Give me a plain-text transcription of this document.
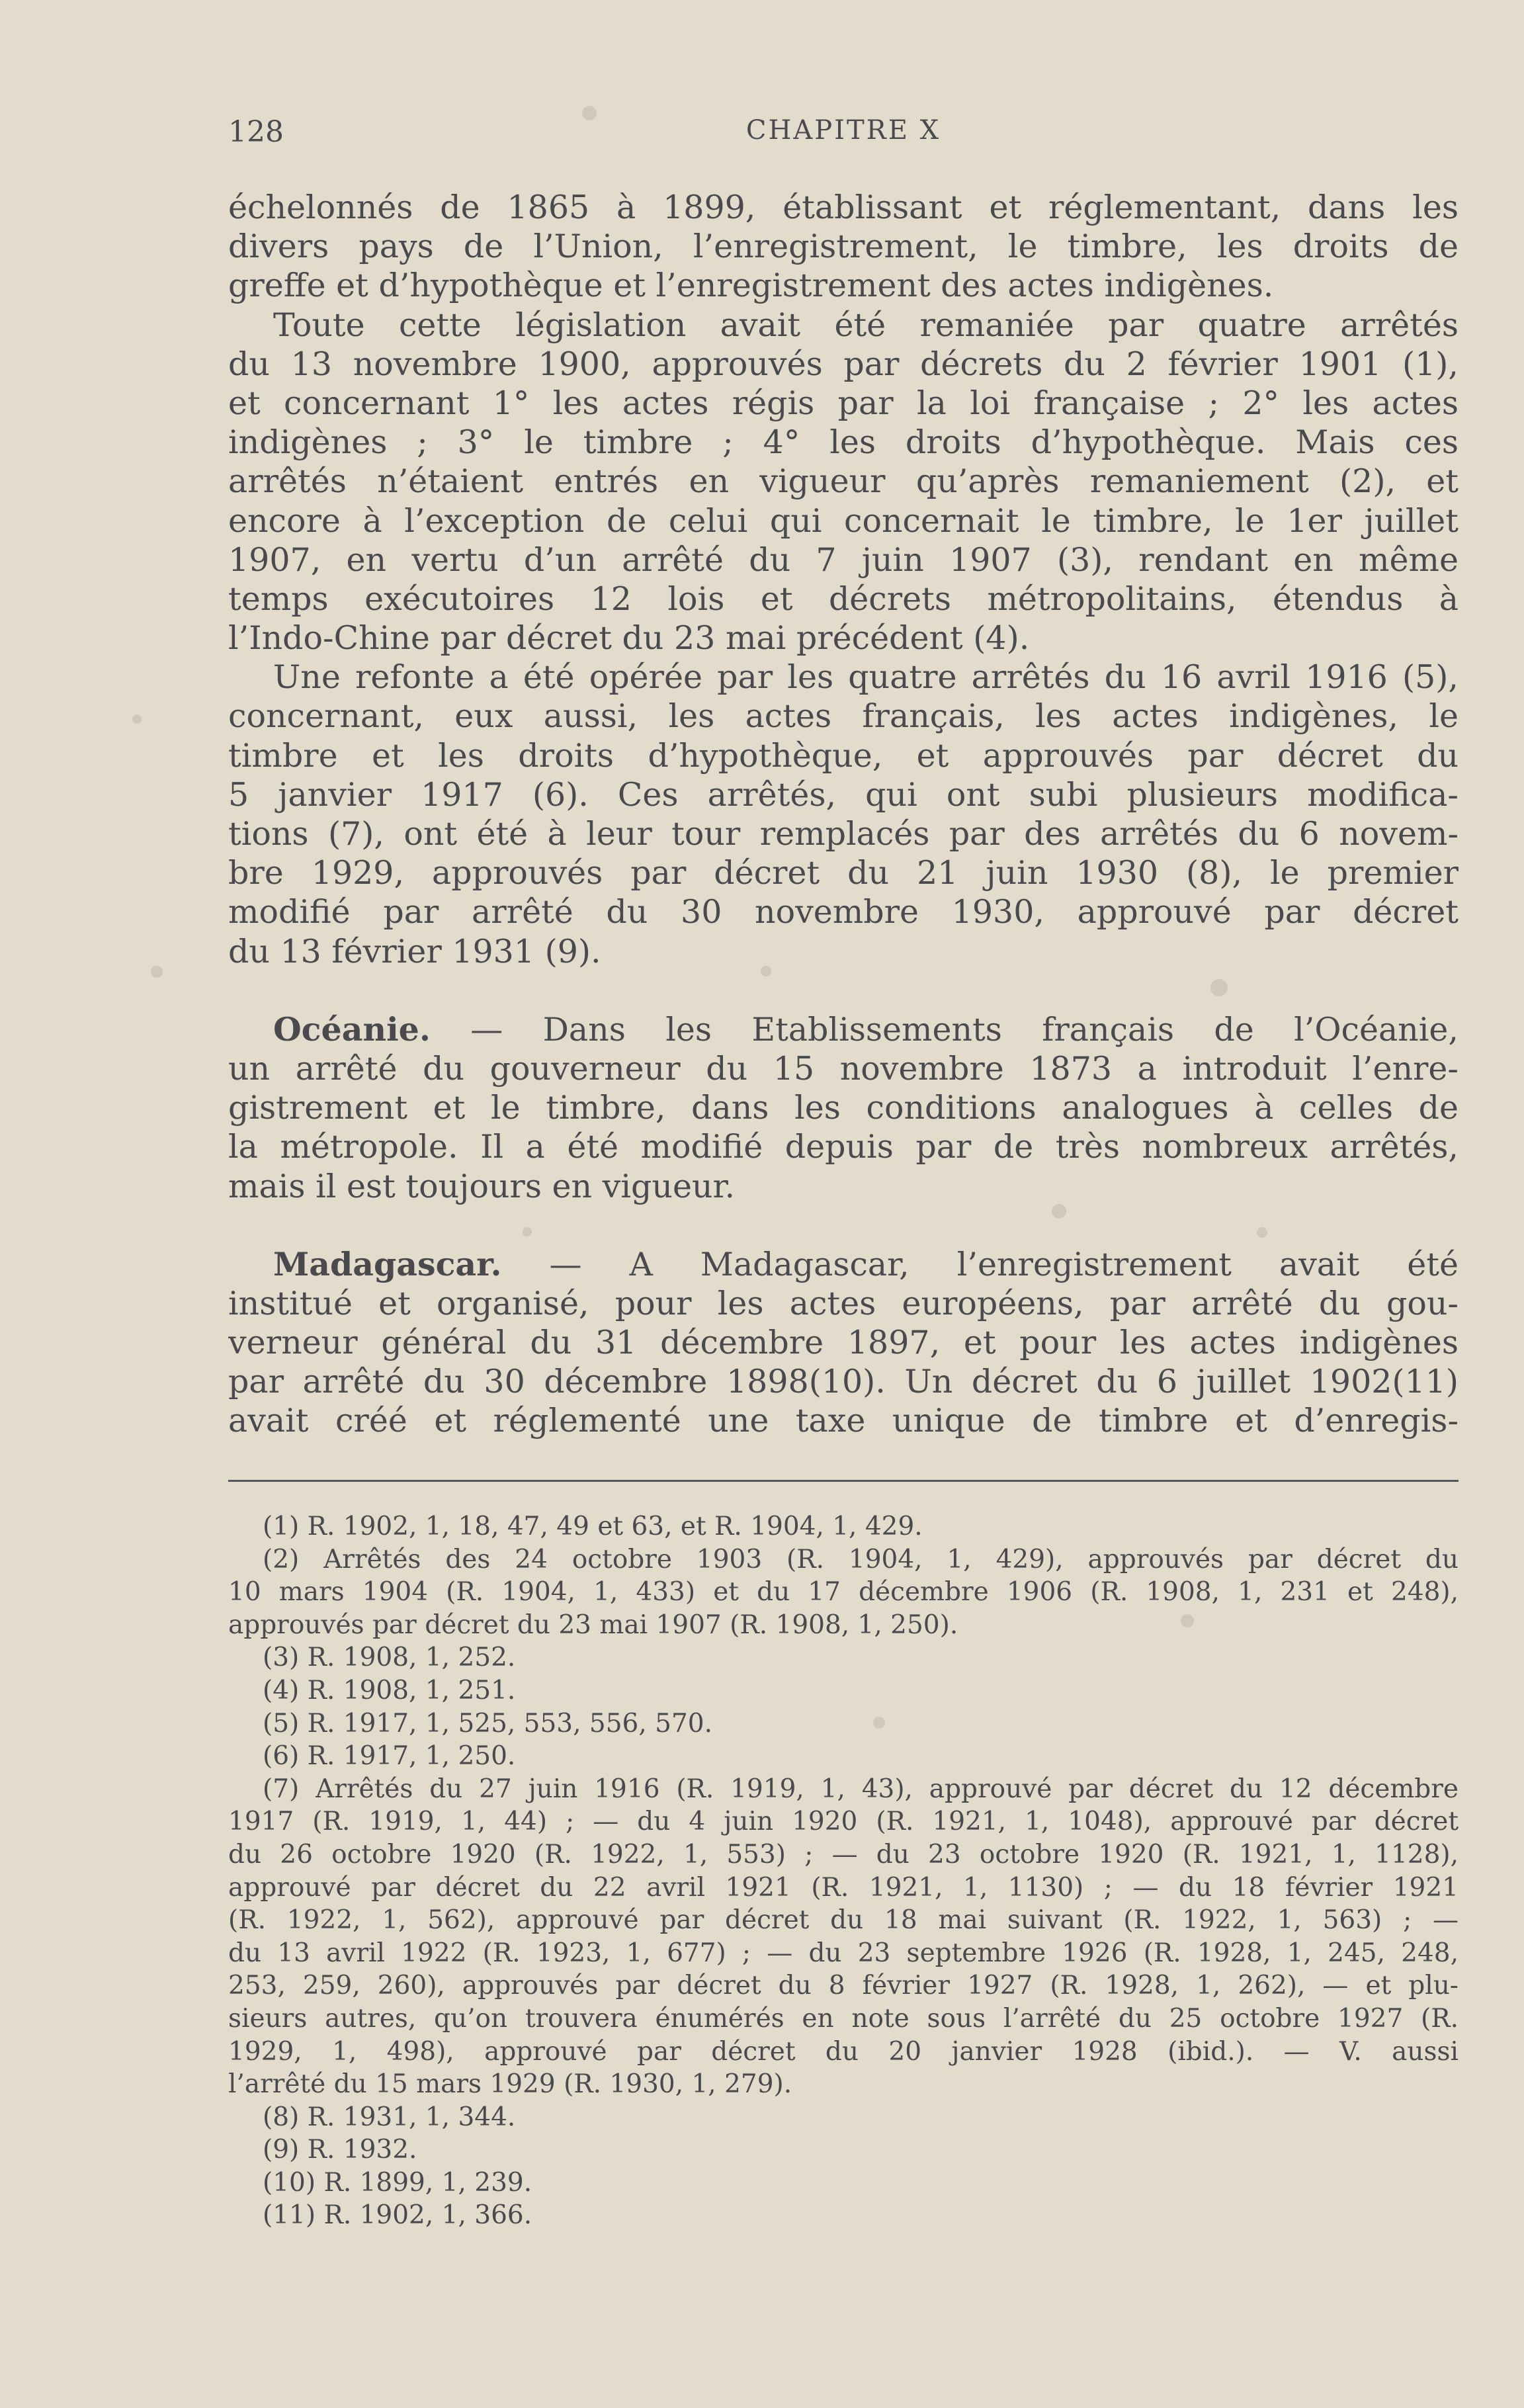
128	CHAPITRE X
échelonnés de 1865 à 1899, établissant et réglementant, dans les
divers pays de l’Union, l’enregistrement, le timbre, les droits de
greffe et d’hypothèque et l’enregistrement des actes indigènes.
Toute cette législation avait été remaniée par quatre arrêtés
du 13 novembre 1900, approuvés par décrets du 2 février 1901 (1),
et concernant 1° les actes régis par la loi française ; 2° les actes
indigènes ; 3° le timbre ; 4° les droits d’hypothèque. Mais ces
arrêtés n’étaient entrés en vigueur qu’après remaniement (2), et
encore à l’exception de celui qui concernait le timbre, le 1er juillet
1907, en vertu d’un arrêté du 7 juin 1907 (3), rendant en même
temps exécutoires 12 lois et décrets métropolitains, étendus à
l’Indo-Chine par décret du 23 mai précédent (4).
Une refonte a été opérée par les quatre arrêtés du 16 avril 1916 (5),
concernant, eux aussi, les actes français, les actes indigènes, le
timbre et les droits d’hypothèque, et approuvés par décret du
5 janvier 1917 (6). Ces arrêtés, qui ont subi plusieurs modifica-
tions (7), ont été à leur tour remplacés par des arrêtés du 6 novem-
bre 1929, approuvés par décret du 21 juin 1930 (8), le premier
modifié par arrêté du 30 novembre 1930, approuvé par décret
du 13 février 1931 (9).
Océanie. — Dans les Etablissements français de l’Océanie,
un arrêté du gouverneur du 15 novembre 1873 a introduit l’enre-
gistrement et le timbre, dans les conditions analogues à celles de
la métropole. Il a été modifié depuis par de très nombreux arrêtés,
mais il est toujours en vigueur.
Madagascar. — A Madagascar, l’enregistrement avait été
institué et organisé, pour les actes européens, par arrêté du gou-
verneur général du 31 décembre 1897, et pour les actes indigènes
par arrêté du 30 décembre 1898(10). Un décret du 6 juillet 1902(11)
avait créé et réglementé une taxe unique de timbre et d’enregis-
(1) R. 1902, 1, 18, 47, 49 et 63, et R. 1904, 1, 429.
(2) Arrêtés des 24 octobre 1903 (R. 1904, 1, 429), approuvés par décret du
10 mars 1904 (R. 1904, 1, 433) et du 17 décembre 1906 (R. 1908, 1, 231 et 248),
approuvés par décret du 23 mai 1907 (R. 1908, 1, 250).
(3) R. 1908, 1, 252.
(4) R. 1908, 1, 251.
(5) R. 1917, 1, 525, 553, 556, 570.
(6) R. 1917, 1, 250.
(7) Arrêtés du 27 juin 1916 (R. 1919, 1, 43), approuvé par décret du 12 décembre
1917 (R. 1919, 1, 44) ; — du 4 juin 1920 (R. 1921, 1, 1048), approuvé par décret
du 26 octobre 1920 (R. 1922, 1, 553) ; — du 23 octobre 1920 (R. 1921, 1, 1128),
approuvé par décret du 22 avril 1921 (R. 1921, 1, 1130) ; — du 18 février 1921
(R. 1922, 1, 562), approuvé par décret du 18 mai suivant (R. 1922, 1, 563) ; —
du 13 avril 1922 (R. 1923, 1, 677) ; — du 23 septembre 1926 (R. 1928, 1, 245, 248,
253, 259, 260), approuvés par décret du 8 février 1927 (R. 1928, 1, 262), — et plu-
sieurs autres, qu’on trouvera énumérés en note sous l’arrêté du 25 octobre 1927 (R.
1929, 1, 498), approuvé par décret du 20 janvier 1928 (ibid.). — V. aussi
l’arrêté du 15 mars 1929 (R. 1930, 1, 279).
(8) R. 1931, 1, 344.
(9) R. 1932.
(10) R. 1899, 1, 239.
(11) R. 1902, 1, 366.
